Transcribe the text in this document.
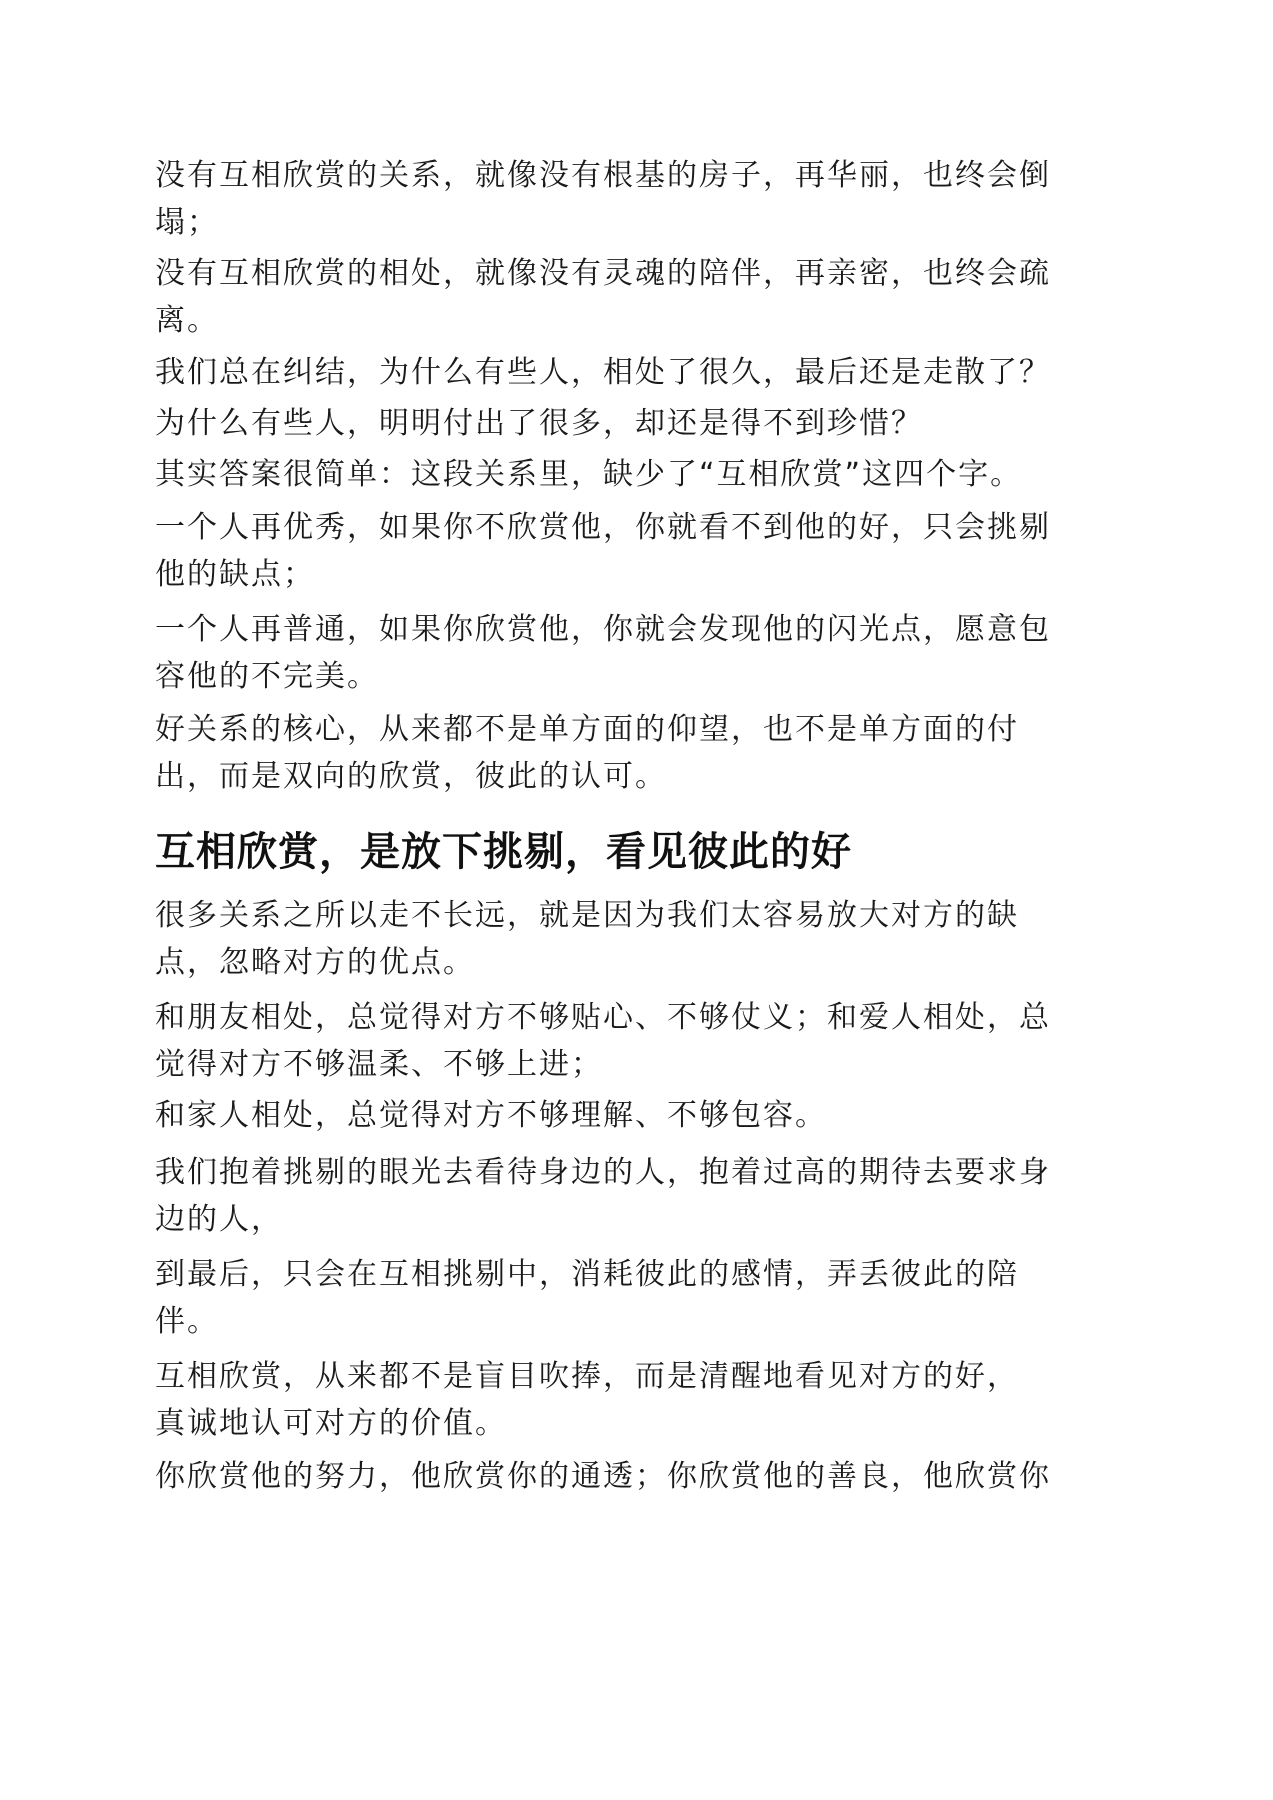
没有互相欣赏的关系，就像没有根基的房子，再华丽，也终会倒
塌；

没有互相欣赏的相处，就像没有灵魂的陪伴，再亲密，也终会疏
离。

我们总在纠结，为什么有些人，相处了很久，最后还是走散了？

为什么有些人，明明付出了很多，却还是得不到珍惜？

其实答案很简单：这段关系里，缺少了“互相欣赏”这四个字。

一个人再优秀，如果你不欣赏他，你就看不到他的好，只会挑剔
他的缺点；

一个人再普通，如果你欣赏他，你就会发现他的闪光点，愿意包
容他的不完美。

好关系的核心，从来都不是单方面的仰望，也不是单方面的付
出，而是双向的欣赏，彼此的认可。

互相欣赏，是放下挑剔，看见彼此的好

很多关系之所以走不长远，就是因为我们太容易放大对方的缺
点，忽略对方的优点。

和朋友相处，总觉得对方不够贴心、不够仗义；和爱人相处，总
觉得对方不够温柔、不够上进；

和家人相处，总觉得对方不够理解、不够包容。

我们抱着挑剔的眼光去看待身边的人，抱着过高的期待去要求身
边的人，

到最后，只会在互相挑剔中，消耗彼此的感情，弄丢彼此的陪
伴。

互相欣赏，从来都不是盲目吹捧，而是清醒地看见对方的好，
真诚地认可对方的价值。

你欣赏他的努力，他欣赏你的通透；你欣赏他的善良，他欣赏你
